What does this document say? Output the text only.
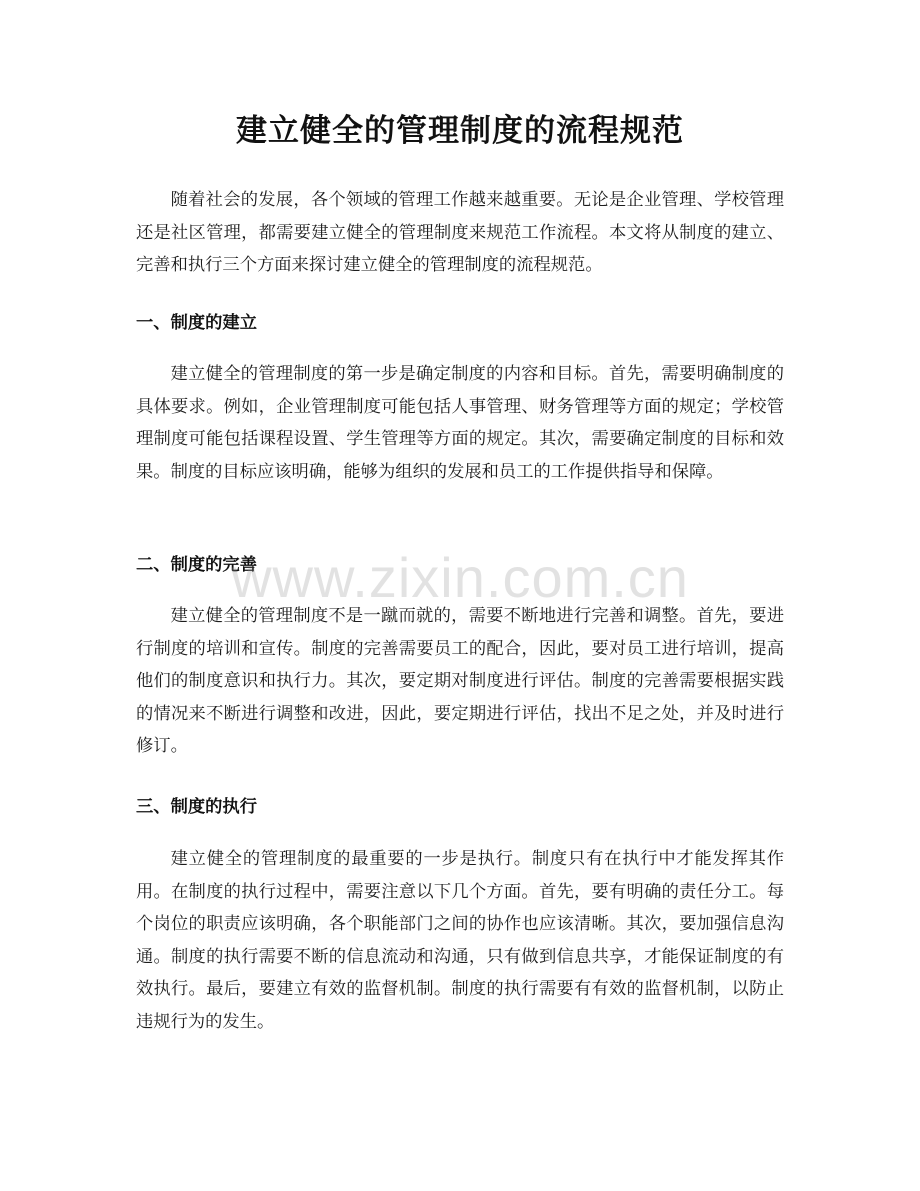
建立健全的管理制度的流程规范

随着社会的发展，各个领域的管理工作越来越重要。无论是企业管理、学校管理还是社区管理，都需要建立健全的管理制度来规范工作流程。本文将从制度的建立、完善和执行三个方面来探讨建立健全的管理制度的流程规范。

一、制度的建立

建立健全的管理制度的第一步是确定制度的内容和目标。首先，需要明确制度的具体要求。例如，企业管理制度可能包括人事管理、财务管理等方面的规定；学校管理制度可能包括课程设置、学生管理等方面的规定。其次，需要确定制度的目标和效果。制度的目标应该明确，能够为组织的发展和员工的工作提供指导和保障。

二、制度的完善

建立健全的管理制度不是一蹴而就的，需要不断地进行完善和调整。首先，要进行制度的培训和宣传。制度的完善需要员工的配合，因此，要对员工进行培训，提高他们的制度意识和执行力。其次，要定期对制度进行评估。制度的完善需要根据实践的情况来不断进行调整和改进，因此，要定期进行评估，找出不足之处，并及时进行修订。

三、制度的执行

建立健全的管理制度的最重要的一步是执行。制度只有在执行中才能发挥其作用。在制度的执行过程中，需要注意以下几个方面。首先，要有明确的责任分工。每个岗位的职责应该明确，各个职能部门之间的协作也应该清晰。其次，要加强信息沟通。制度的执行需要不断的信息流动和沟通，只有做到信息共享，才能保证制度的有效执行。最后，要建立有效的监督机制。制度的执行需要有有效的监督机制，以防止违规行为的发生。

www.zixin.com.cn
